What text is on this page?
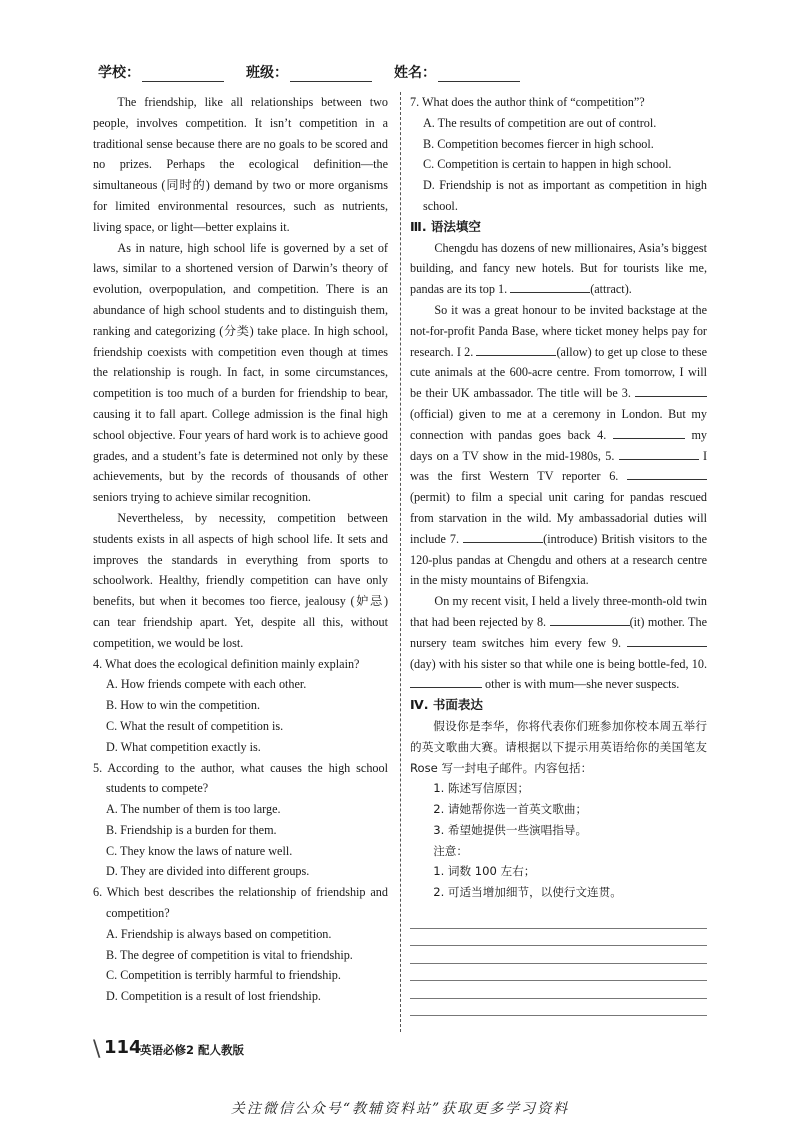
学校：	班级：	姓名：

The friendship, like all relationships between two people, involves competition. It isn’t competition in a traditional sense because there are no goals to be scored and no prizes. Perhaps the ecological definition—the simultaneous (同时的) demand by two or more organisms for limited environmental resources, such as nutrients, living space, or light—better explains it.

As in nature, high school life is governed by a set of laws, similar to a shortened version of Darwin’s theory of evolution, overpopulation, and competition. There is an abundance of high school students and to distinguish them, ranking and categorizing (分类) take place. In high school, friendship coexists with competition even though at times the relationship is rough. In fact, in some circumstances, competition is too much of a burden for friendship to bear, causing it to fall apart. College admission is the final high school objective. Four years of hard work is to achieve good grades, and a student’s fate is determined not only by these achievements, but by the records of thousands of other seniors trying to achieve similar recognition.

Nevertheless, by necessity, competition between students exists in all aspects of high school life. It sets and improves the standards in everything from sports to schoolwork. Healthy, friendly competition can have only benefits, but when it becomes too fierce, jealousy (妒忌) can tear friendship apart. Yet, despite all this, without competition, we would be lost.

4. What does the ecological definition mainly explain?

A. How friends compete with each other.

B. How to win the competition.

C. What the result of competition is.

D. What competition exactly is.

5. According to the author, what causes the high school students to compete?

A. The number of them is too large.

B. Friendship is a burden for them.

C. They know the laws of nature well.

D. They are divided into different groups.

6. Which best describes the relationship of friendship and competition?

A. Friendship is always based on competition.

B. The degree of competition is vital to friendship.

C. Competition is terribly harmful to friendship.

D. Competition is a result of lost friendship.

7. What does the author think of “competition”?

A. The results of competition are out of control.

B. Competition becomes fiercer in high school.

C. Competition is certain to happen in high school.

D. Friendship is not as important as competition in high school.

Ⅲ. 语法填空

Chengdu has dozens of new millionaires, Asia’s biggest building, and fancy new hotels. But for tourists like me, pandas are its top 1.	(attract).

So it was a great honour to be invited backstage at the not-for-profit Panda Base, where ticket money helps pay for research. I 2.	(allow) to get up close to these cute animals at the 600-acre centre. From tomorrow, I will be their UK ambassador. The title will be 3. (official) given to me at a ceremony in London. But my connection with pandas goes back 4.	my days on a TV show in the mid-1980s, 5.	I was the first Western TV reporter 6. (permit) to film a special unit caring for pandas rescued from starvation in the wild. My ambassadorial duties will include 7.	(introduce) British visitors to the 120-plus pandas at Chengdu and others at a research centre in the misty mountains of Bifengxia.

On my recent visit, I held a lively three-month-old twin that had been rejected by 8.	(it) mother. The nursery team switches him every few 9. (day) with his sister so that while one is being bottle-fed, 10.  other is with mum—she never suspects.

Ⅳ. 书面表达

假设你是李华，你将代表你们班参加你校本周五举行的英文歌曲大赛。请根据以下提示用英语给你的美国笔友 Rose 写一封电子邮件。内容包括：

1. 陈述写信原因；

2. 请她帮你选一首英文歌曲；

3. 希望她提供一些演唱指导。

注意：

1. 词数 100 左右；

2. 可适当增加细节，以使行文连贯。

\ 114
英语必修2 配人教版
关注微信公众号“教辅资料站”获取更多学习资料
